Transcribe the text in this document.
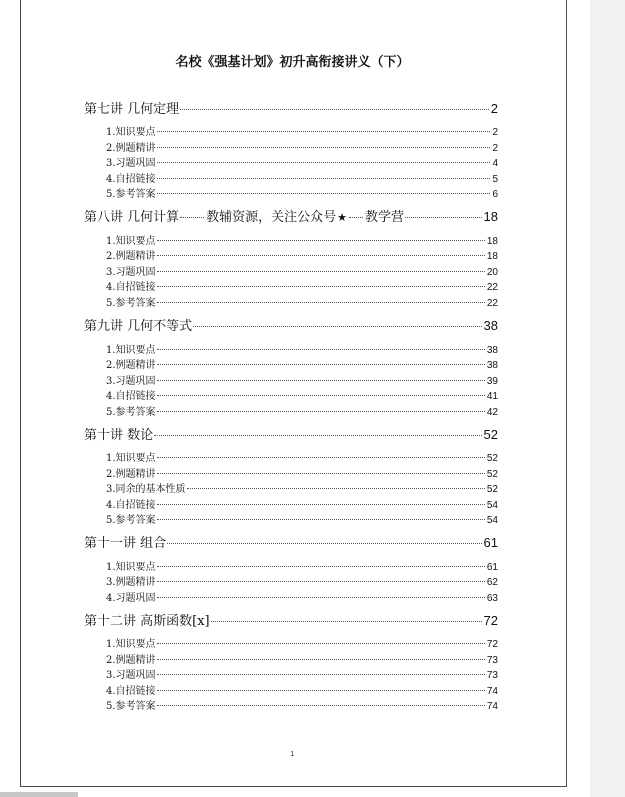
名校《强基计划》初升高衔接讲义（下）
第七讲 几何定理	2
1.知识要点	2
2.例题精讲	2
3.习题巩固	4
4.自招链接	5
5.参考答案	6
第八讲 几何计算 教辅资源，关注公众号 ★ 教学营	18
1.知识要点	18
2.例题精讲	18
3.习题巩固	20
4.自招链接	22
5.参考答案	22
第九讲 几何不等式	38
1.知识要点	38
2.例题精讲	38
3.习题巩固	39
4.自招链接	41
5.参考答案	42
第十讲 数论	52
1.知识要点	52
2.例题精讲	52
3.同余的基本性质	52
4.自招链接	54
5.参考答案	54
第十一讲 组合	61
1.知识要点	61
3.例题精讲	62
4.习题巩固	63
第十二讲 高斯函数[x]	72
1.知识要点	72
2.例题精讲	73
3.习题巩固	73
4.自招链接	74
5.参考答案	74
1
